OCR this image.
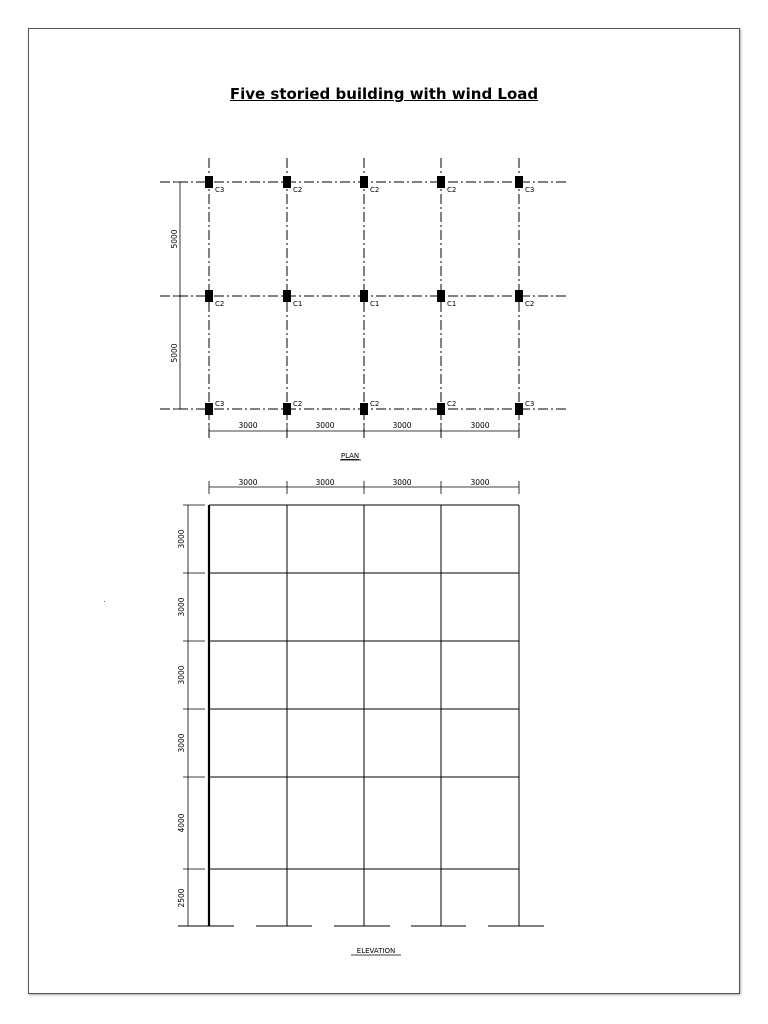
Five storied building with wind Load
C3	C2	C2	C2	C3
C2	C1	C1	C1	C2
C3	C2	C2	C2	C3
5000
5000
3000	3000	3000	3000
PLAN
3000	3000	3000	3000
3000
3000
3000
3000
4000
2500
ELEVATION
